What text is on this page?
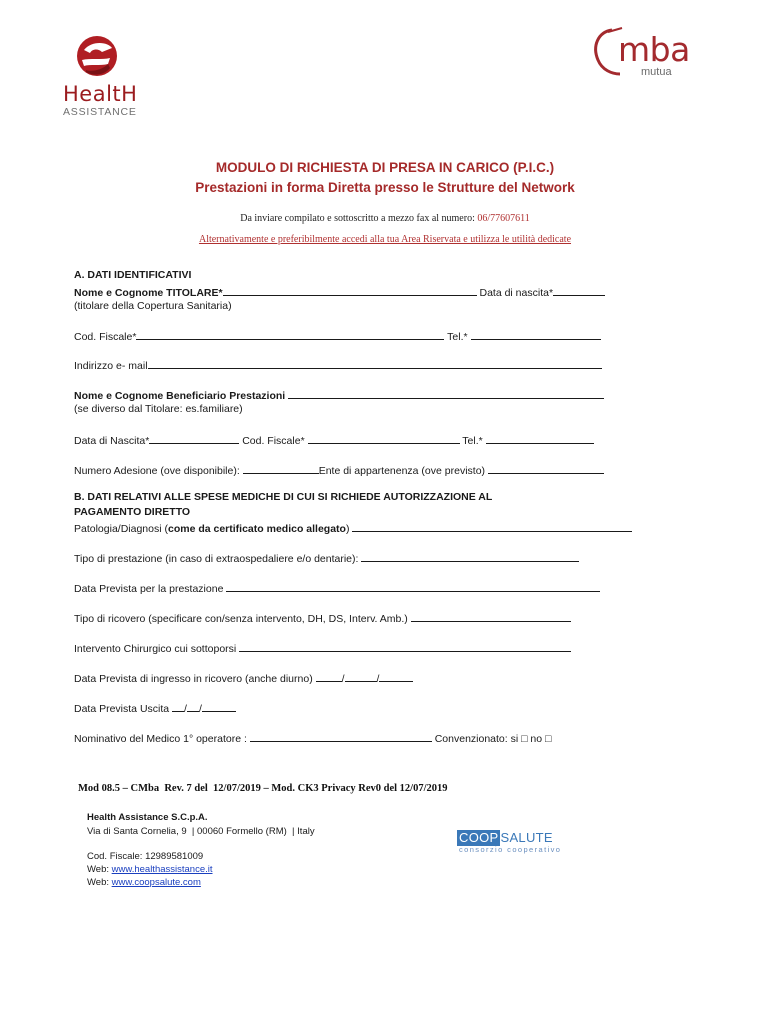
HealtH
ASSISTANCE
mba
mutua
MODULO DI RICHIESTA DI PRESA IN CARICO (P.I.C.)
Prestazioni in forma Diretta presso le Strutture del Network
Da inviare compilato e sottoscritto a mezzo fax al numero: 06/77607611
Alternativamente e preferibilmente accedi alla tua Area Riservata e utilizza le utilità dedicate
A. DATI IDENTIFICATIVI
Nome e Cognome TITOLARE*	Data di nascita*
(titolare della Copertura Sanitaria)
Cod. Fiscale*	Tel.*
Indirizzo e- mail
Nome e Cognome Beneficiario Prestazioni
(se diverso dal Titolare: es.familiare)
Data di Nascita*	Cod. Fiscale*	Tel.*
Numero Adesione (ove disponibile):	Ente di appartenenza (ove previsto)
B. DATI RELATIVI ALLE SPESE MEDICHE DI CUI SI RICHIEDE AUTORIZZAZIONE AL
PAGAMENTO DIRETTO
Patologia/Diagnosi (come da certificato medico allegato)
Tipo di prestazione (in caso di extraospedaliere e/o dentarie):
Data Prevista per la prestazione
Tipo di ricovero (specificare con/senza intervento, DH, DS, Interv. Amb.)
Intervento Chirurgico cui sottoporsi
Data Prevista di ingresso in ricovero (anche diurno) /	/
Data Prevista Uscita / /
Nominativo del Medico 1° operatore :	Convenzionato: si □ no □
Mod 08.5 – CMba  Rev. 7 del  12/07/2019 – Mod. CK3 Privacy Rev0 del 12/07/2019
Health Assistance S.C.p.A.
Via di Santa Cornelia, 9  | 00060 Formello (RM)  | Italy
Cod. Fiscale: 12989581009
Web: www.healthassistance.it
Web: www.coopsalute.com
COOP SALUTE
consorzio cooperativo
